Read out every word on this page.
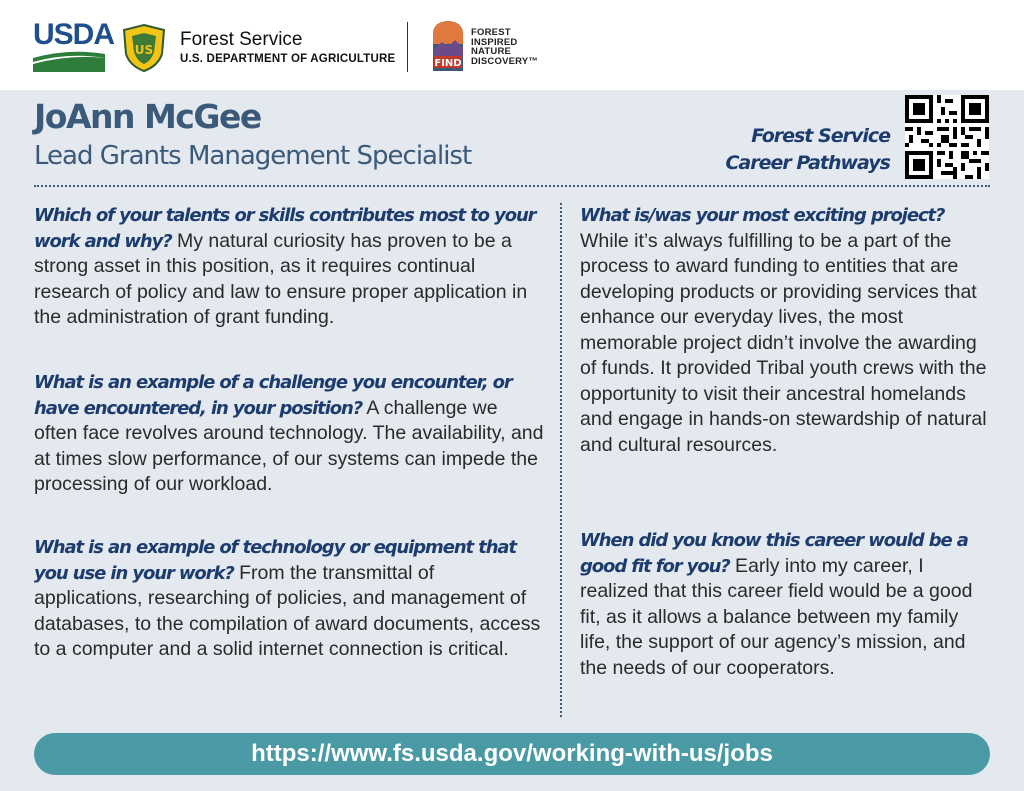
USDA US Forest Service
U.S. DEPARTMENT OF AGRICULTURE	FIND
FOREST
INSPIRED
NATURE
DISCOVERY™
JoAnn McGee
Lead Grants Management Specialist
Forest Service
Career Pathways

Which of your talents or skills contributes most to your work and why? My natural curiosity has proven to be a strong asset in this position, as it requires continual research of policy and law to ensure proper application in the administration of grant funding.

What is an example of a challenge you encounter, or have encountered, in your position? A challenge we often face revolves around technology. The availability, and at times slow performance, of our systems can impede the processing of our workload.

What is an example of technology or equipment that you use in your work? From the transmittal of applications, researching of policies, and management of databases, to the compilation of award documents, access to a computer and a solid internet connection is critical.

What is/was your most exciting project?
While it’s always fulfilling to be a part of the process to award funding to entities that are developing products or providing services that enhance our everyday lives, the most memorable project didn’t involve the awarding of funds. It provided Tribal youth crews with the opportunity to visit their ancestral homelands and engage in hands-on stewardship of natural and cultural resources.

When did you know this career would be a good fit for you? Early into my career, I realized that this career field would be a good fit, as it allows a balance between my family life, the support of our agency’s mission, and the needs of our cooperators.

https://www.fs.usda.gov/working-with-us/jobs
